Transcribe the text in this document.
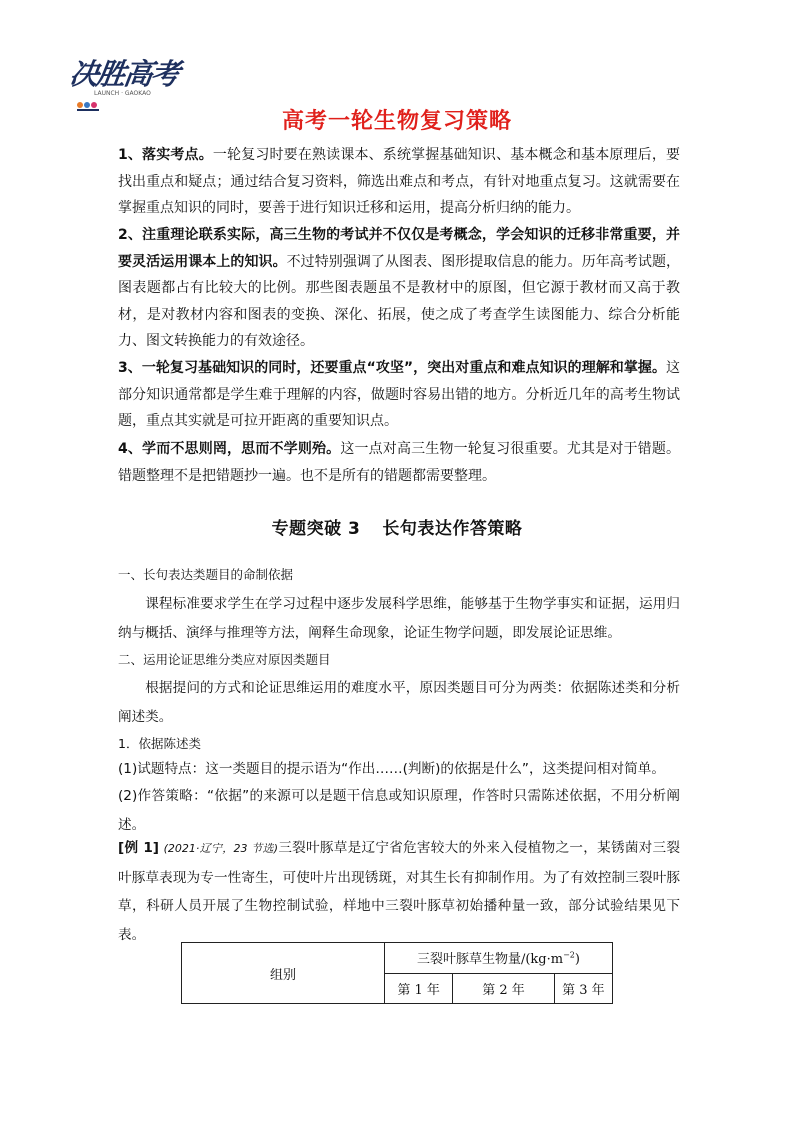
决胜高考
LAUNCH · GAOKAO
高考一轮生物复习策略

1、落实考点。一轮复习时要在熟读课本、系统掌握基础知识、基本概念和基本原理后，要找出重点和疑点；通过结合复习资料，筛选出难点和考点，有针对地重点复习。这就需要在掌握重点知识的同时，要善于进行知识迁移和运用，提高分析归纳的能力。

2、注重理论联系实际，高三生物的考试并不仅仅是考概念，学会知识的迁移非常重要，并要灵活运用课本上的知识。不过特别强调了从图表、图形提取信息的能力。历年高考试题，图表题都占有比较大的比例。那些图表题虽不是教材中的原图，但它源于教材而又高于教材，是对教材内容和图表的变换、深化、拓展，使之成了考查学生读图能力、综合分析能力、图文转换能力的有效途径。

3、一轮复习基础知识的同时，还要重点“攻坚”，突出对重点和难点知识的理解和掌握。这部分知识通常都是学生难于理解的内容，做题时容易出错的地方。分析近几年的高考生物试题，重点其实就是可拉开距离的重要知识点。

4、学而不思则罔，思而不学则殆。这一点对高三生物一轮复习很重要。尤其是对于错题。错题整理不是把错题抄一遍。也不是所有的错题都需要整理。

专题突破 3 长句表达作答策略

一、长句表达类题目的命制依据

课程标准要求学生在学习过程中逐步发展科学思维，能够基于生物学事实和证据，运用归纳与概括、演绎与推理等方法，阐释生命现象，论证生物学问题，即发展论证思维。

二、运用论证思维分类应对原因类题目

根据提问的方式和论证思维运用的难度水平，原因类题目可分为两类：依据陈述类和分析阐述类。

1．依据陈述类

(1)试题特点：这一类题目的提示语为“作出……(判断)的依据是什么”，这类提问相对简单。

(2)作答策略：“依据”的来源可以是题干信息或知识原理，作答时只需陈述依据，不用分析阐述。

[例 1] (2021·辽宁，23 节选)三裂叶豚草是辽宁省危害较大的外来入侵植物之一，某锈菌对三裂叶豚草表现为专一性寄生，可使叶片出现锈斑，对其生长有抑制作用。为了有效控制三裂叶豚草，科研人员开展了生物控制试验，样地中三裂叶豚草初始播种量一致，部分试验结果见下表。

组别	三裂叶豚草生物量$/(kg\cdot m^{-2})$		
	第 1 年	第 2 年	第 3 年
